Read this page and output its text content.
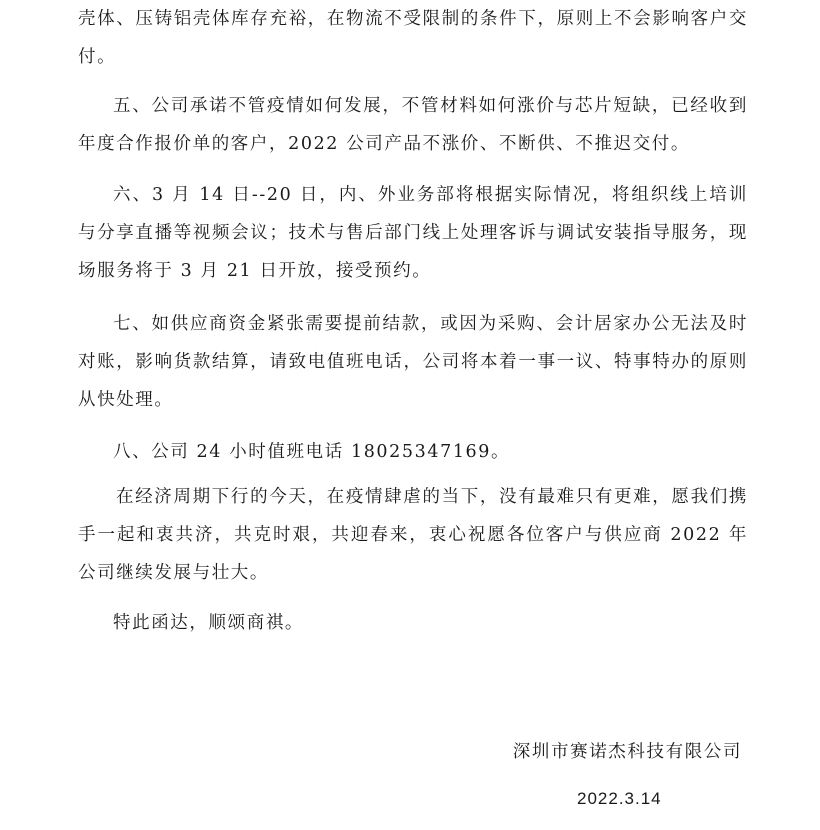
壳体、压铸铝壳体库存充裕，在物流不受限制的条件下，原则上不会影响客户交付。

五、公司承诺不管疫情如何发展，不管材料如何涨价与芯片短缺，已经收到年度合作报价单的客户，2022 公司产品不涨价、不断供、不推迟交付。

六、3 月 14 日--20 日，内、外业务部将根据实际情况，将组织线上培训与分享直播等视频会议；技术与售后部门线上处理客诉与调试安装指导服务，现场服务将于 3 月 21 日开放，接受预约。

七、如供应商资金紧张需要提前结款，或因为采购、会计居家办公无法及时对账，影响货款结算，请致电值班电话，公司将本着一事一议、特事特办的原则从快处理。

八、公司 24 小时值班电话 18025347169。

在经济周期下行的今天，在疫情肆虐的当下，没有最难只有更难，愿我们携手一起和衷共济，共克时艰，共迎春来，衷心祝愿各位客户与供应商 2022 年公司继续发展与壮大。

特此函达，顺颂商祺。

深圳市赛诺杰科技有限公司
2022.3.14
